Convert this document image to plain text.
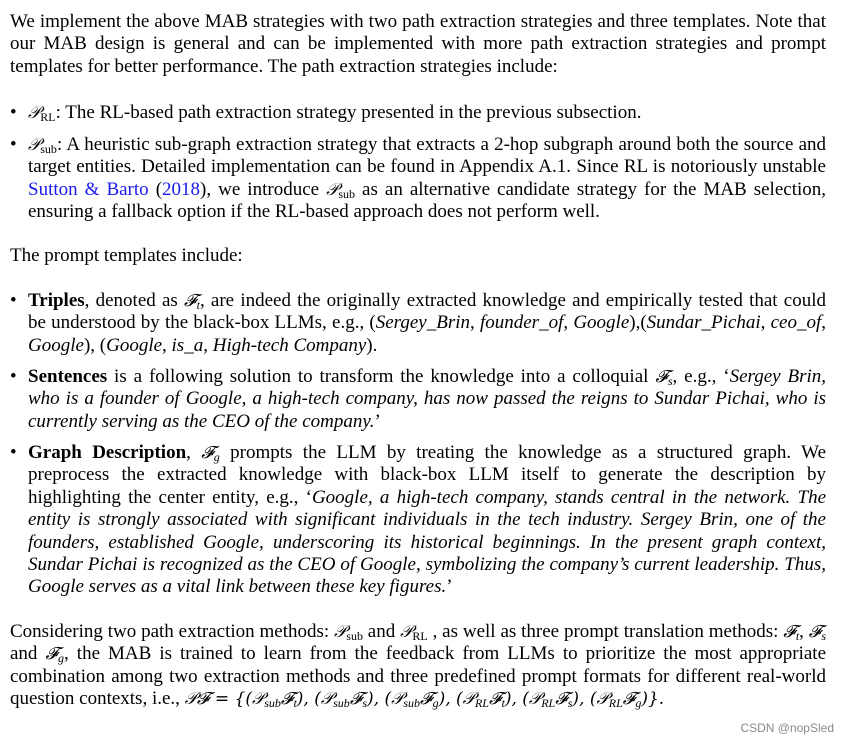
We implement the above MAB strategies with two path extraction strategies and three templates. Note that our MAB design is general and can be implemented with more path extraction strategies and prompt templates for better performance. The path extraction strategies include:

• 𝒫$_{RL}$: The RL-based path extraction strategy presented in the previous subsection.

• 𝒫$_{sub}$: A heuristic sub-graph extraction strategy that extracts a 2-hop subgraph around both the source and target entities. Detailed implementation can be found in Appendix A.1. Since RL is notoriously unstable Sutton & Barto (2018), we introduce 𝒫$_{sub}$ as an alternative candidate strategy for the MAB selection, ensuring a fallback option if the RL-based approach does not perform well.

The prompt templates include:

• Triples, denoted as 𝓕$_t$, are indeed the originally extracted knowledge and empirically tested that could be understood by the black-box LLMs, e.g., (Sergey_Brin, founder_of, Google),(Sundar_Pichai, ceo_of, Google), (Google, is_a, High-tech Company).

• Sentences is a following solution to transform the knowledge into a colloquial 𝓕$_s$, e.g., ‘Sergey Brin, who is a founder of Google, a high-tech company, has now passed the reigns to Sundar Pichai, who is currently serving as the CEO of the company.’

• Graph Description, 𝓕$_g$ prompts the LLM by treating the knowledge as a structured graph. We preprocess the extracted knowledge with black-box LLM itself to generate the description by highlighting the center entity, e.g., ‘Google, a high-tech company, stands central in the network. The entity is strongly associated with significant individuals in the tech industry. Sergey Brin, one of the founders, established Google, underscoring its historical beginnings. In the present graph context, Sundar Pichai is recognized as the CEO of Google, symbolizing the company’s current leadership. Thus, Google serves as a vital link between these key figures.’

Considering two path extraction methods: 𝒫$_{sub}$ and 𝒫$_{RL}$ , as well as three prompt translation methods: 𝓕$_t$, 𝓕$_s$ and 𝓕$_g$, the MAB is trained to learn from the feedback from LLMs to prioritize the most appropriate combination among two extraction methods and three predefined prompt formats for different real-world question contexts, i.e., 𝒫𝓕 = {(𝒫$_{sub}$𝓕$_t$), (𝒫$_{sub}$𝓕$_s$), (𝒫$_{sub}$𝓕$_g$), (𝒫$_{RL}$𝓕$_t$), (𝒫$_{RL}$𝓕$_s$), (𝒫$_{RL}$𝓕$_g$)}.

CSDN @nopSled
